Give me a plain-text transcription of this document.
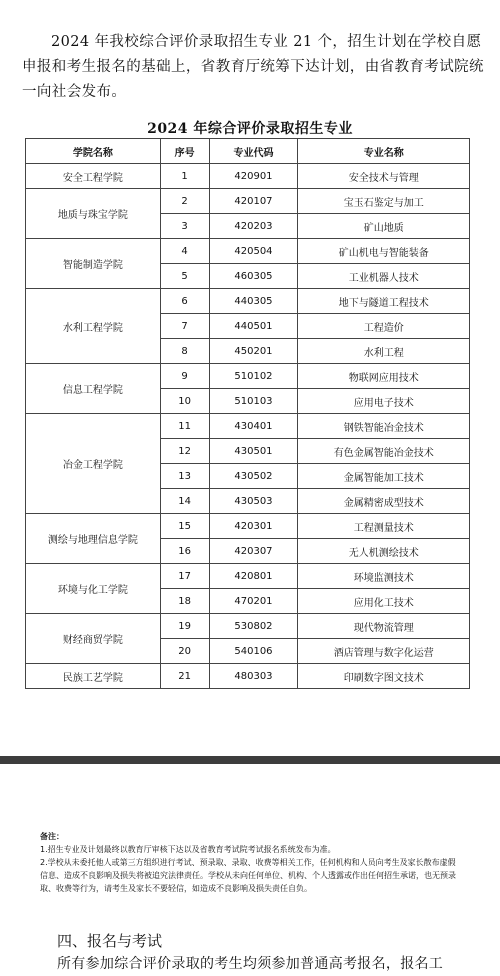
2024 年我校综合评价录取招生专业 21 个，招生计划在学校自愿申报和考生报名的基础上，省教育厅统筹下达计划，由省教育考试院统一向社会发布。
2024 年综合评价录取招生专业
学院名称	序号	专业代码	专业名称
安全工程学院	1	420901	安全技术与管理
地质与珠宝学院	2	420107	宝玉石鉴定与加工
	3	420203	矿山地质
智能制造学院	4	420504	矿山机电与智能装备
	5	460305	工业机器人技术
水利工程学院	6	440305	地下与隧道工程技术
	7	440501	工程造价
	8	450201	水利工程
信息工程学院	9	510102	物联网应用技术
	10	510103	应用电子技术
冶金工程学院	11	430401	钢铁智能冶金技术
	12	430501	有色金属智能冶金技术
	13	430502	金属智能加工技术
	14	430503	金属精密成型技术
测绘与地理信息学院	15	420301	工程测量技术
	16	420307	无人机测绘技术
环境与化工学院	17	420801	环境监测技术
	18	470201	应用化工技术
财经商贸学院	19	530802	现代物流管理
	20	540106	酒店管理与数字化运营
民族工艺学院	21	480303	印刷数字图文技术

备注：

1.招生专业及计划最终以教育厅审核下达以及省教育考试院考试报名系统发布为准。

2.学校从未委托他人或第三方组织进行考试、预录取、录取、收费等相关工作，任何机构和人员向考生及家长散布虚假信息、造成不良影响及损失将被追究法律责任。学校从未向任何单位、机构、个人透露或作出任何招生承诺，也无预录取、收费等行为，请考生及家长不要轻信，如造成不良影响及损失责任自负。

四、报名与考试
所有参加综合评价录取的考生均须参加普通高考报名，报名工
